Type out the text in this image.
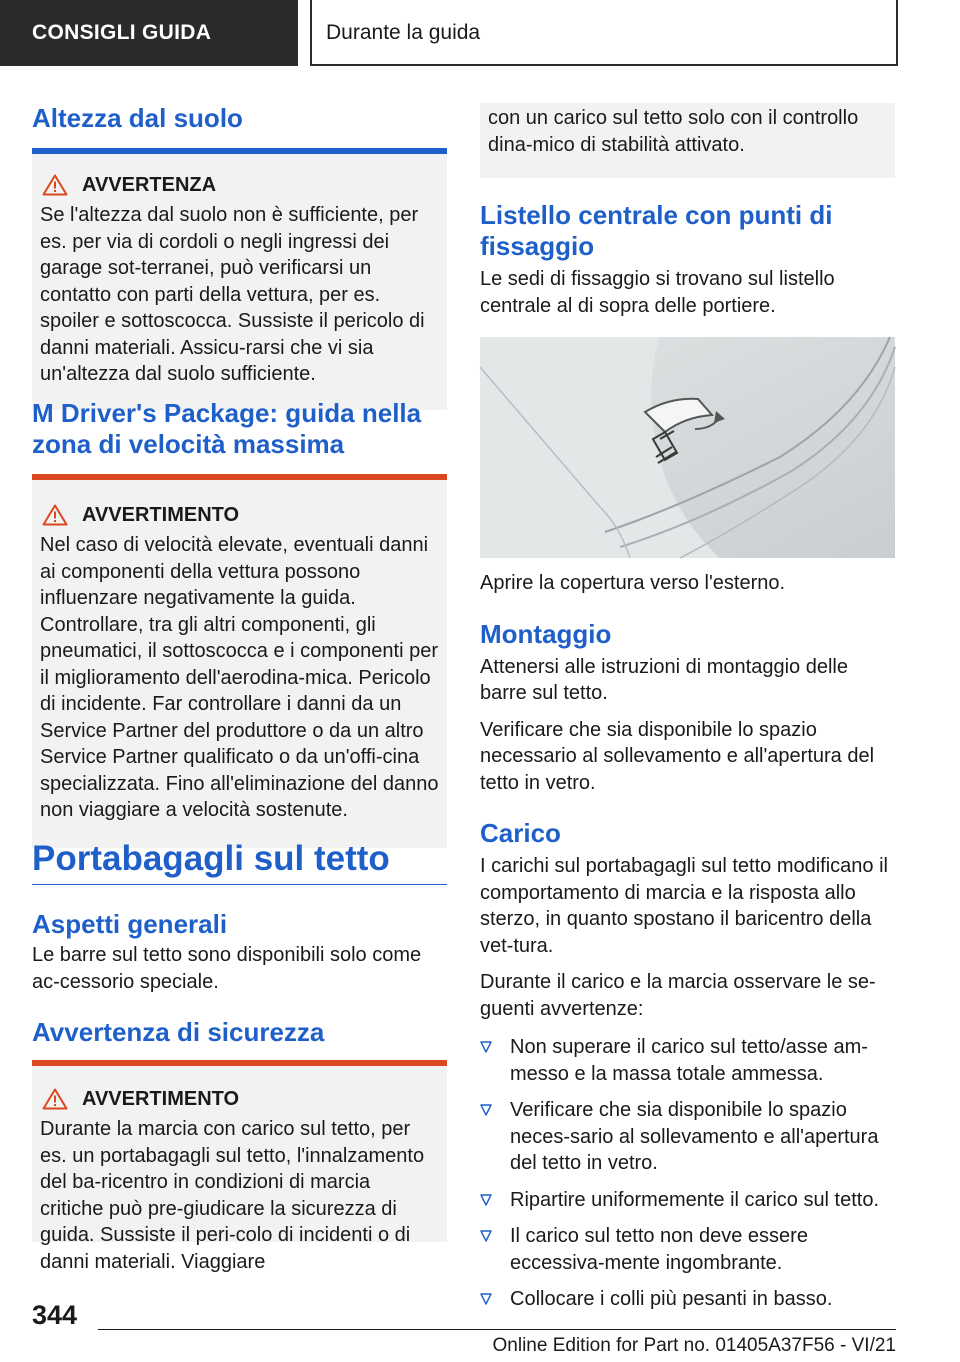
CONSIGLI GUIDA	Durante la guida
Altezza dal suolo
AVVERTENZA

Se l'altezza dal suolo non è sufficiente, per es. per via di cordoli o negli ingressi dei garage sot-terranei, può verificarsi un contatto con parti della vettura, per es. spoiler e sottoscocca. Sussiste il pericolo di danni materiali. Assicu-rarsi che vi sia un'altezza dal suolo sufficiente.

M Driver's Package: guida nella zona di velocità massima
AVVERTIMENTO

Nel caso di velocità elevate, eventuali danni ai componenti della vettura possono influenzare negativamente la guida. Controllare, tra gli altri componenti, gli pneumatici, il sottoscocca e i componenti per il miglioramento dell'aerodina-mica. Pericolo di incidente. Far controllare i danni da un Service Partner del produttore o da un altro Service Partner qualificato o da un'offi-cina specializzata. Fino all'eliminazione del danno non viaggiare a velocità sostenute.

Portabagagli sul tetto
Aspetti generali

Le barre sul tetto sono disponibili solo come ac-cessorio speciale.

Avvertenza di sicurezza
AVVERTIMENTO

Durante la marcia con carico sul tetto, per es. un portabagagli sul tetto, l'innalzamento del ba-ricentro in condizioni di marcia critiche può pre-giudicare la sicurezza di guida. Sussiste il peri-colo di incidenti o di danni materiali. Viaggiare

con un carico sul tetto solo con il controllo dina-mico di stabilità attivato.

Listello centrale con punti di fissaggio

Le sedi di fissaggio si trovano sul listello centrale al di sopra delle portiere.

Aprire la copertura verso l'esterno.

Montaggio

Attenersi alle istruzioni di montaggio delle barre sul tetto.

Verificare che sia disponibile lo spazio necessario al sollevamento e all'apertura del tetto in vetro.

Carico

I carichi sul portabagagli sul tetto modificano il comportamento di marcia e la risposta allo sterzo, in quanto spostano il baricentro della vet-tura.

Durante il carico e la marcia osservare le se-guenti avvertenze:

Non superare il carico sul tetto/asse am-messo e la massa totale ammessa.
Verificare che sia disponibile lo spazio neces-sario al sollevamento e all'apertura del tetto in vetro.
Ripartire uniformemente il carico sul tetto.
Il carico sul tetto non deve essere eccessiva-mente ingombrante.
Collocare i colli più pesanti in basso.
344
Online Edition for Part no. 01405A37F56 - VI/21
